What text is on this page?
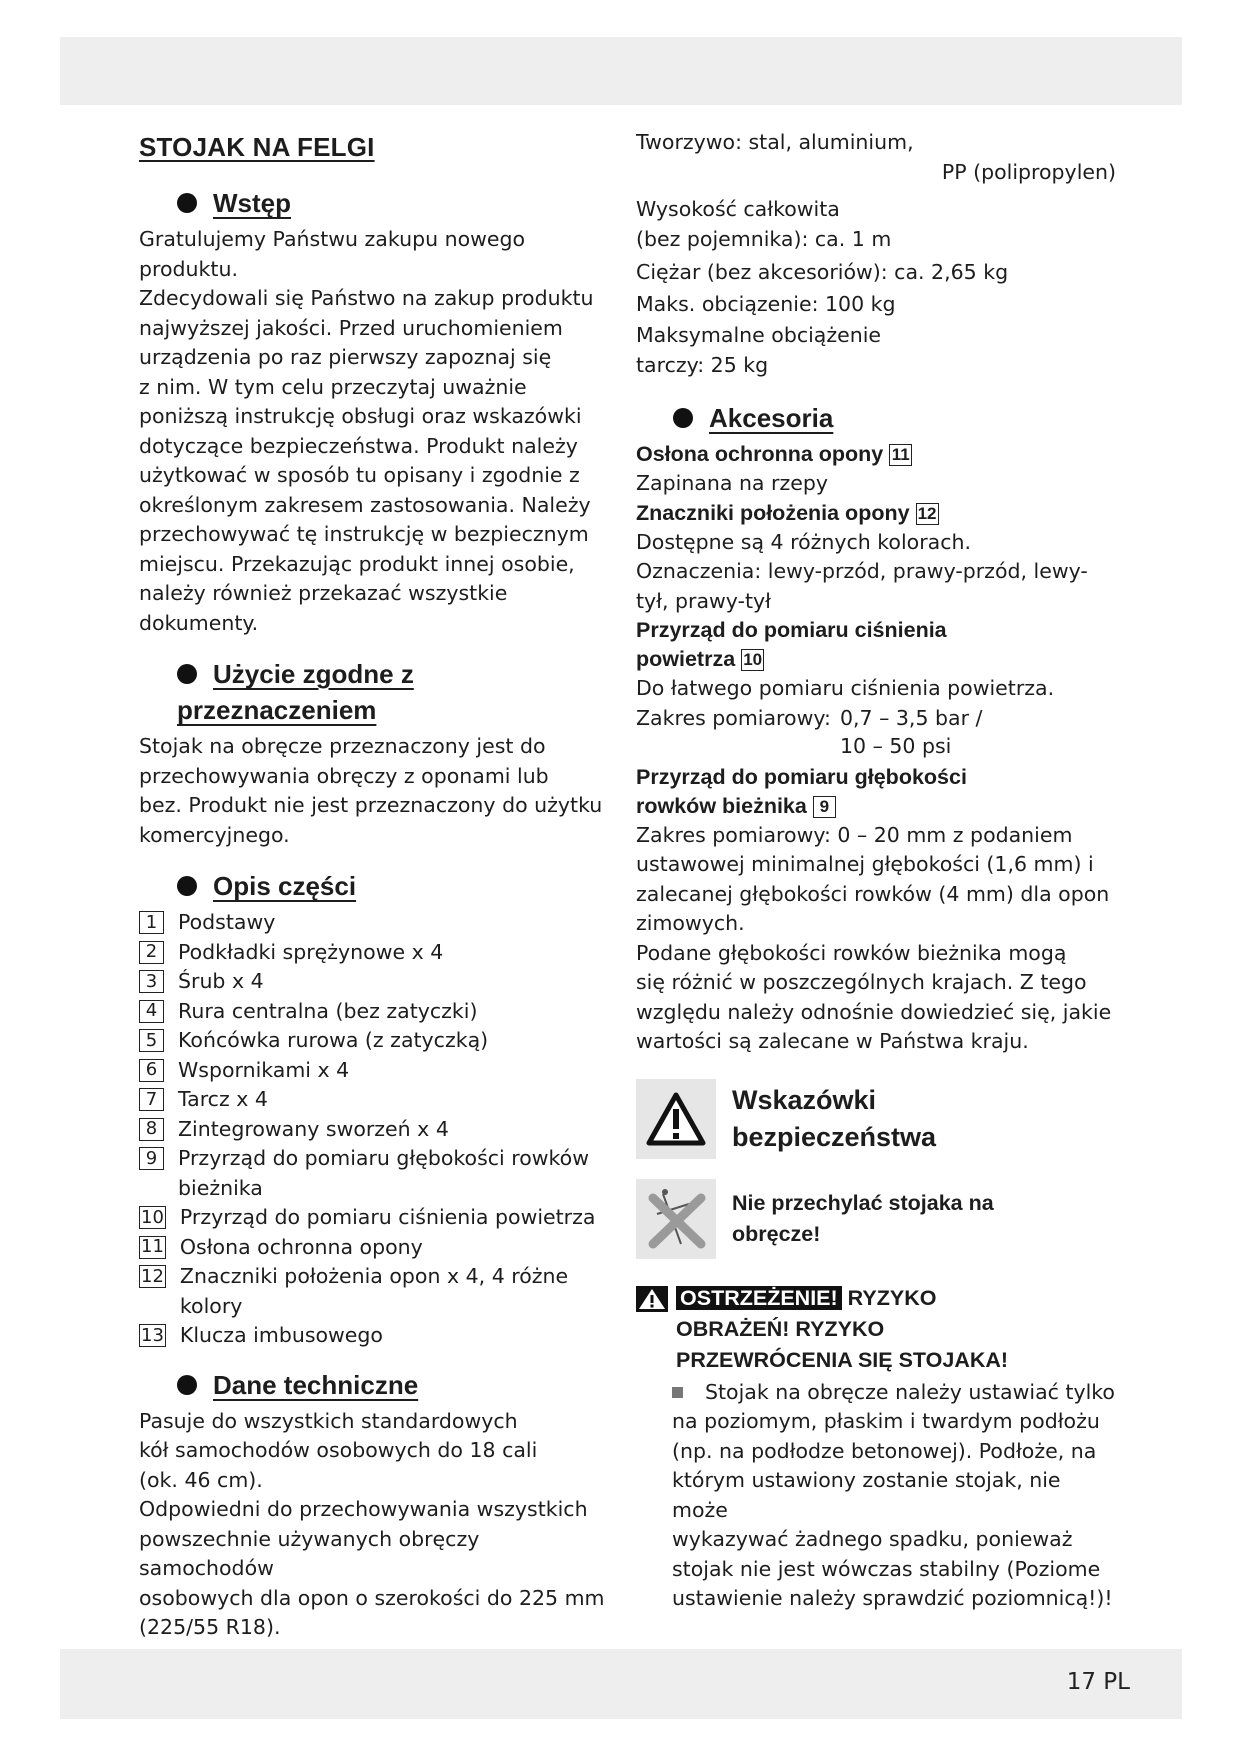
STOJAK NA FELGI
Wstęp

Gratulujemy Państwu zakupu nowego produktu.

Zdecydowali się Państwo na zakup produktu

najwyższej jakości. Przed uruchomieniem

urządzenia po raz pierwszy zapoznaj się

z nim. W tym celu przeczytaj uważnie

poniższą instrukcję obsługi oraz wskazówki

dotyczące bezpieczeństwa. Produkt należy

użytkować w sposób tu opisany i zgodnie z

określonym zakresem zastosowania. Należy

przechowywać tę instrukcję w bezpiecznym

miejscu. Przekazując produkt innej osobie,

należy również przekazać wszystkie

dokumenty.

Użycie zgodne z
przeznaczeniem

Stojak na obręcze przeznaczony jest do

przechowywania obręczy z oponami lub

bez. Produkt nie jest przeznaczony do użytku

komercyjnego.

Opis części
1	Podstawy
2	Podkładki sprężynowe x 4
3	Śrub x 4
4	Rura centralna (bez zatyczki)
5	Końcówka rurowa (z zatyczką)
6	Wspornikami x 4
7	Tarcz x 4
8	Zintegrowany sworzeń x 4
9	Przyrząd do pomiaru głębokości rowków
bieżnika
10 Przyrząd do pomiaru ciśnienia powietrza
11 Osłona ochronna opony
12 Znaczniki położenia opon x 4, 4 różne
kolory
13 Klucza imbusowego
Dane techniczne

Pasuje do wszystkich standardowych

kół samochodów osobowych do 18 cali

(ok. 46 cm).

Odpowiedni do przechowywania wszystkich

powszechnie używanych obręczy samochodów

osobowych dla opon o szerokości do 225 mm

(225/55 R18).

Tworzywo: stal, aluminium,

PP (polipropylen)

Wysokość całkowita

(bez pojemnika): ca. 1 m

Ciężar (bez akcesoriów): ca. 2,65 kg

Maks. obciązenie: 100 kg

Maksymalne obciążenie

tarczy: 25 kg

Akcesoria
Osłona ochronna opony 11

Zapinana na rzepy

Znaczniki położenia opony 12

Dostępne są 4 różnych kolorach.

Oznaczenia: lewy-przód, prawy-przód, lewy-

tył, prawy-tył

Przyrząd do pomiaru ciśnienia
powietrza 10

Do łatwego pomiaru ciśnienia powietrza.

Zakres pomiarowy: 0,7 – 3,5 bar /
10 – 50 psi
Przyrząd do pomiaru głębokości
rowków bieżnika 9

Zakres pomiarowy: 0 – 20 mm z podaniem

ustawowej minimalnej głębokości (1,6 mm) i

zalecanej głębokości rowków (4 mm) dla opon

zimowych.

Podane głębokości rowków bieżnika mogą

się różnić w poszczególnych krajach. Z tego

względu należy odnośnie dowiedzieć się, jakie

wartości są zalecane w Państwa kraju.

Wskazówki
bezpieczeństwa
Nie przechylać stojaka na
obręcze!
OSTRZEŻENIE! RYZYKO
OBRAŻEŃ! RYZYKO
PRZEWRÓCENIA SIĘ STOJAKA!

Stojak na obręcze należy ustawiać tylko

na poziomym, płaskim i twardym podłożu

(np. na podłodze betonowej). Podłoże, na

którym ustawiony zostanie stojak, nie może

wykazywać żadnego spadku, ponieważ

stojak nie jest wówczas stabilny (Poziome

ustawienie należy sprawdzić poziomnicą!)!

17 PL
